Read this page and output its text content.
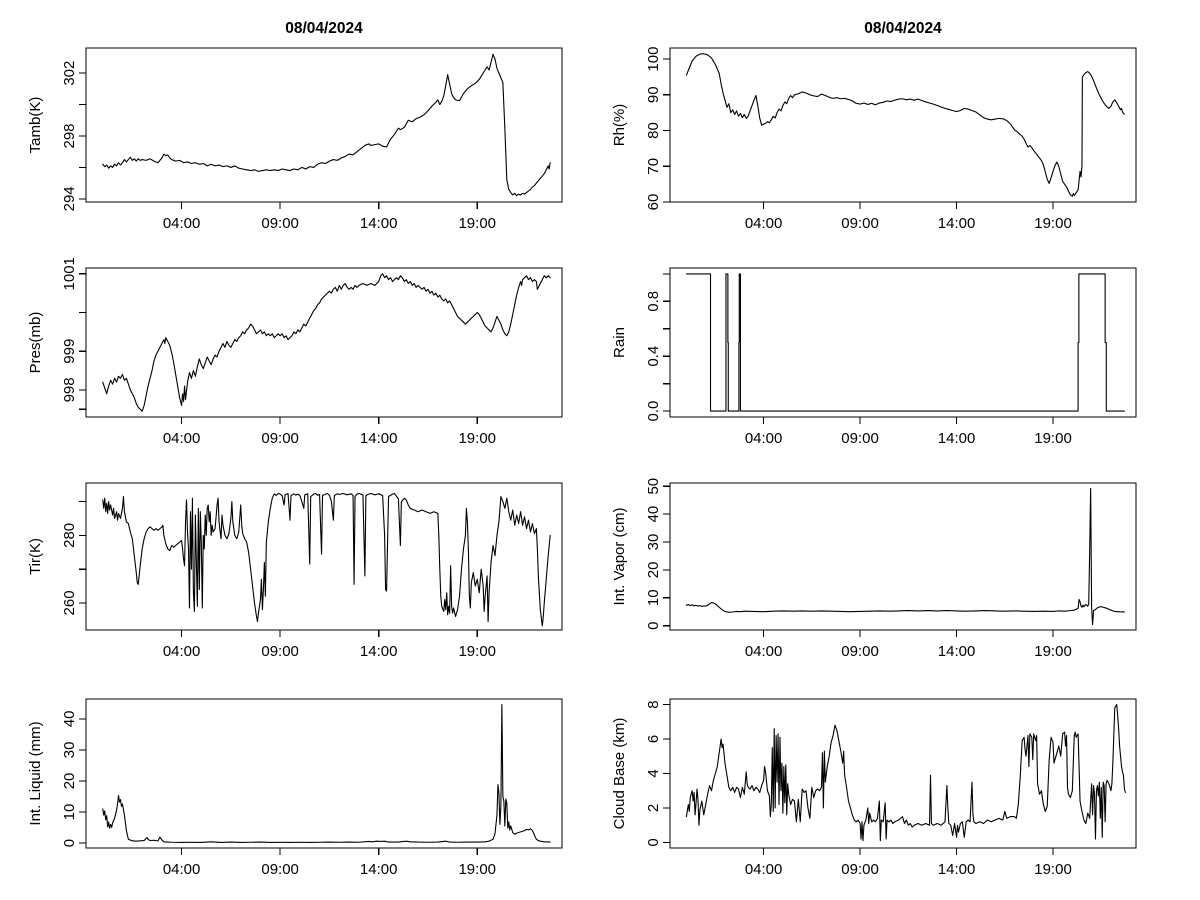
08/04/2024
04:00	09:00	14:00	19:00
294
298
302
Tamb(K)
08/04/2024
04:00	09:00	14:00	19:00
60
70
80
90
100
Rh(%)
04:00	09:00	14:00	19:00
998
999
1001
Pres(mb)
04:00	09:00	14:00	19:00
0.0
0.4
0.8
Rain
04:00	09:00	14:00	19:00
260
280
Tir(K)
04:00	09:00	14:00	19:00
0
10
20
30
40
50
Int. Vapor (cm)
04:00	09:00	14:00	19:00
0
10
20
30
40
Int. Liquid (mm)
04:00	09:00	14:00	19:00
0
2
4
6
8
Cloud Base (km)
